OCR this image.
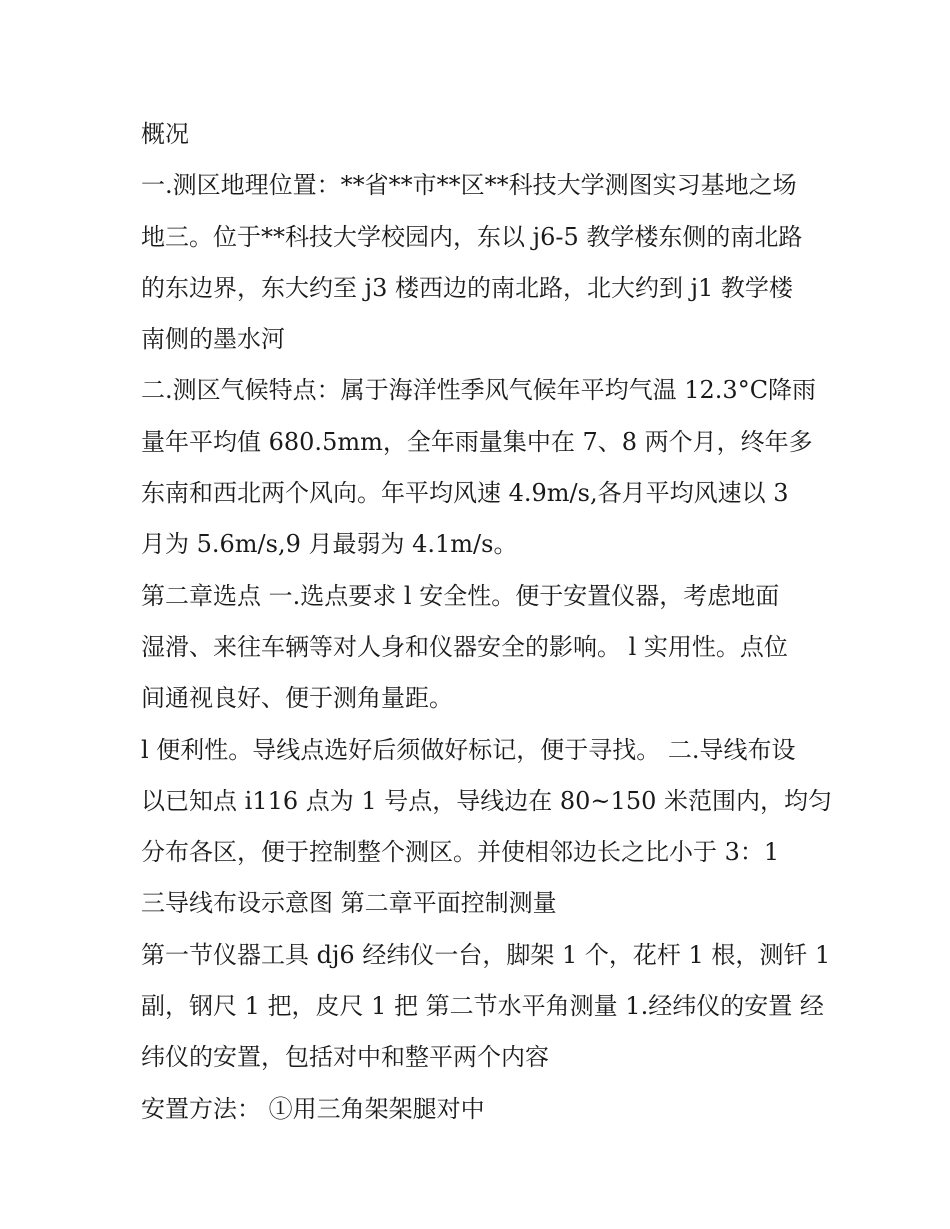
概况

一.测区地理位置：**省**市**区**科技大学测图实习基地之场

地三。位于**科技大学校园内，东以 j6-5 教学楼东侧的南北路

的东边界，东大约至 j3 楼西边的南北路，北大约到 j1 教学楼

南侧的墨水河

二.测区气候特点：属于海洋性季风气候年平均气温 12.3°C降雨

量年平均值 680.5mm，全年雨量集中在 7、8 两个月，终年多

东南和西北两个风向。年平均风速 4.9m/s,各月平均风速以 3

月为 5.6m/s,9 月最弱为 4.1m/s。

第二章选点 一.选点要求 l 安全性。便于安置仪器，考虑地面

湿滑、来往车辆等对人身和仪器安全的影响。 l 实用性。点位

间通视良好、便于测角量距。

l 便利性。导线点选好后须做好标记，便于寻找。 二.导线布设

以已知点 i116 点为 1 号点，导线边在 80~150 米范围内，均匀

分布各区，便于控制整个测区。并使相邻边长之比小于 3：1

三导线布设示意图 第二章平面控制测量

第一节仪器工具 dj6 经纬仪一台，脚架 1 个，花杆 1 根，测钎 1

副，钢尺 1 把，皮尺 1 把 第二节水平角测量 1.经纬仪的安置 经

纬仪的安置，包括对中和整平两个内容

安置方法： ①用三角架架腿对中
